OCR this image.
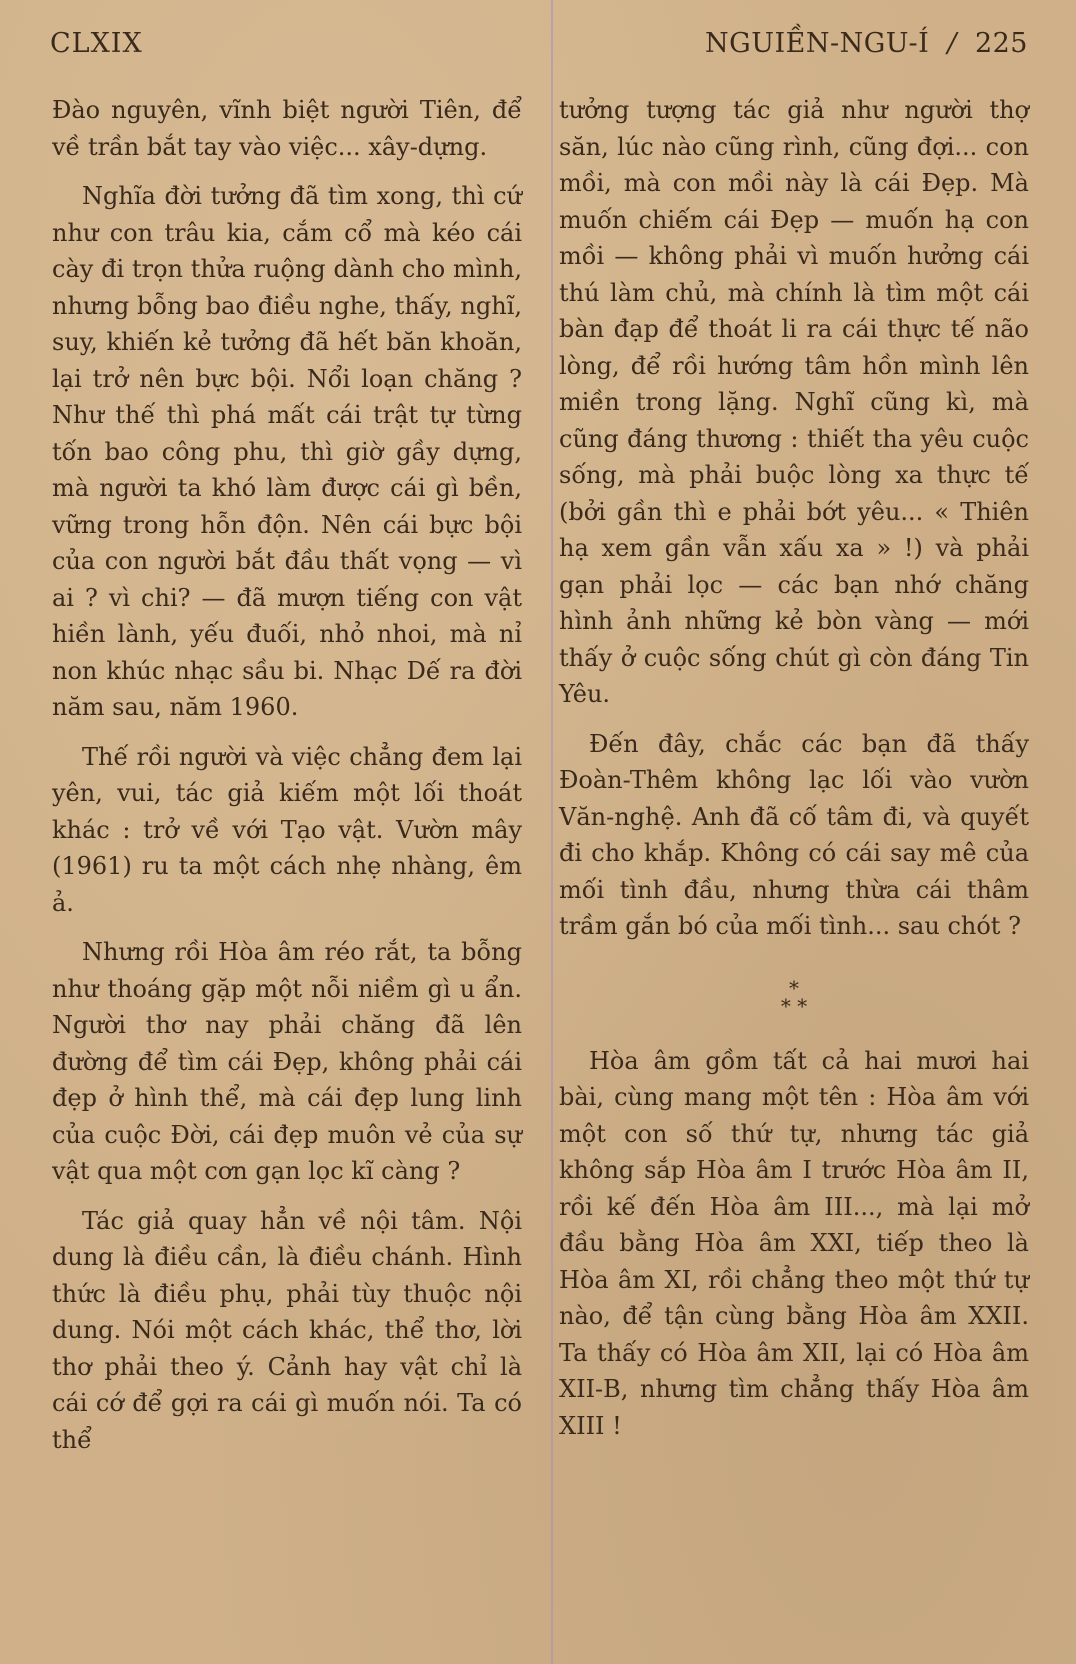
CLXIX	NGUIỀN-NGU-Í / 225

Đào nguyên, vĩnh biệt người Tiên, để về trần bắt tay vào việc... xây-dựng.

Nghĩa đời tưởng đã tìm xong, thì cứ như con trâu kia, cắm cổ mà kéo cái cày đi trọn thửa ruộng dành cho mình, nhưng bỗng bao điều nghe, thấy, nghĩ, suy, khiến kẻ tưởng đã hết băn khoăn, lại trở nên bực bội. Nổi loạn chăng ? Như thế thì phá mất cái trật tự từng tốn bao công phu, thì giờ gầy dựng, mà người ta khó làm được cái gì bền, vững trong hỗn độn. Nên cái bực bội của con người bắt đầu thất vọng — vì ai ? vì chi? — đã mượn tiếng con vật hiền lành, yếu đuối, nhỏ nhoi, mà nỉ non khúc nhạc sầu bi. Nhạc Dế ra đời năm sau, năm 1960.

Thế rồi người và việc chẳng đem lại yên, vui, tác giả kiếm một lối thoát khác : trở về với Tạo vật. Vườn mây (1961) ru ta một cách nhẹ nhàng, êm ả.

Nhưng rồi Hòa âm réo rắt, ta bỗng như thoáng gặp một nỗi niềm gì u ẩn. Người thơ nay phải chăng đã lên đường để tìm cái Đẹp, không phải cái đẹp ở hình thể, mà cái đẹp lung linh của cuộc Đời, cái đẹp muôn vẻ của sự vật qua một cơn gạn lọc kĩ càng ?

Tác giả quay hẳn về nội tâm. Nội dung là điều cần, là điều chánh. Hình thức là điều phụ, phải tùy thuộc nội dung. Nói một cách khác, thể thơ, lời thơ phải theo ý. Cảnh hay vật chỉ là cái cớ để gợi ra cái gì muốn nói. Ta có thể

tưởng tượng tác giả như người thợ săn, lúc nào cũng rình, cũng đợi... con mồi, mà con mồi này là cái Đẹp. Mà muốn chiếm cái Đẹp — muốn hạ con mồi — không phải vì muốn hưởng cái thú làm chủ, mà chính là tìm một cái bàn đạp để thoát li ra cái thực tế não lòng, để rồi hướng tâm hồn mình lên miền trong lặng. Nghĩ cũng kì, mà cũng đáng thương : thiết tha yêu cuộc sống, mà phải buộc lòng xa thực tế (bởi gần thì e phải bớt yêu... « Thiên hạ xem gần vẫn xấu xa » !) và phải gạn phải lọc — các bạn nhớ chăng hình ảnh những kẻ bòn vàng — mới thấy ở cuộc sống chút gì còn đáng Tin Yêu.

Đến đây, chắc các bạn đã thấy Đoàn-Thêm không lạc lối vào vườn Văn-nghệ. Anh đã cố tâm đi, và quyết đi cho khắp. Không có cái say mê của mối tình đầu, nhưng thừa cái thâm trầm gắn bó của mối tình... sau chót ?

*
* *

Hòa âm gồm tất cả hai mươi hai bài, cùng mang một tên : Hòa âm với một con số thứ tự, nhưng tác giả không sắp Hòa âm I trước Hòa âm II, rồi kế đến Hòa âm III..., mà lại mở đầu bằng Hòa âm XXI, tiếp theo là Hòa âm XI, rồi chẳng theo một thứ tự nào, để tận cùng bằng Hòa âm XXII. Ta thấy có Hòa âm XII, lại có Hòa âm XII-B, nhưng tìm chẳng thấy Hòa âm XIII !
